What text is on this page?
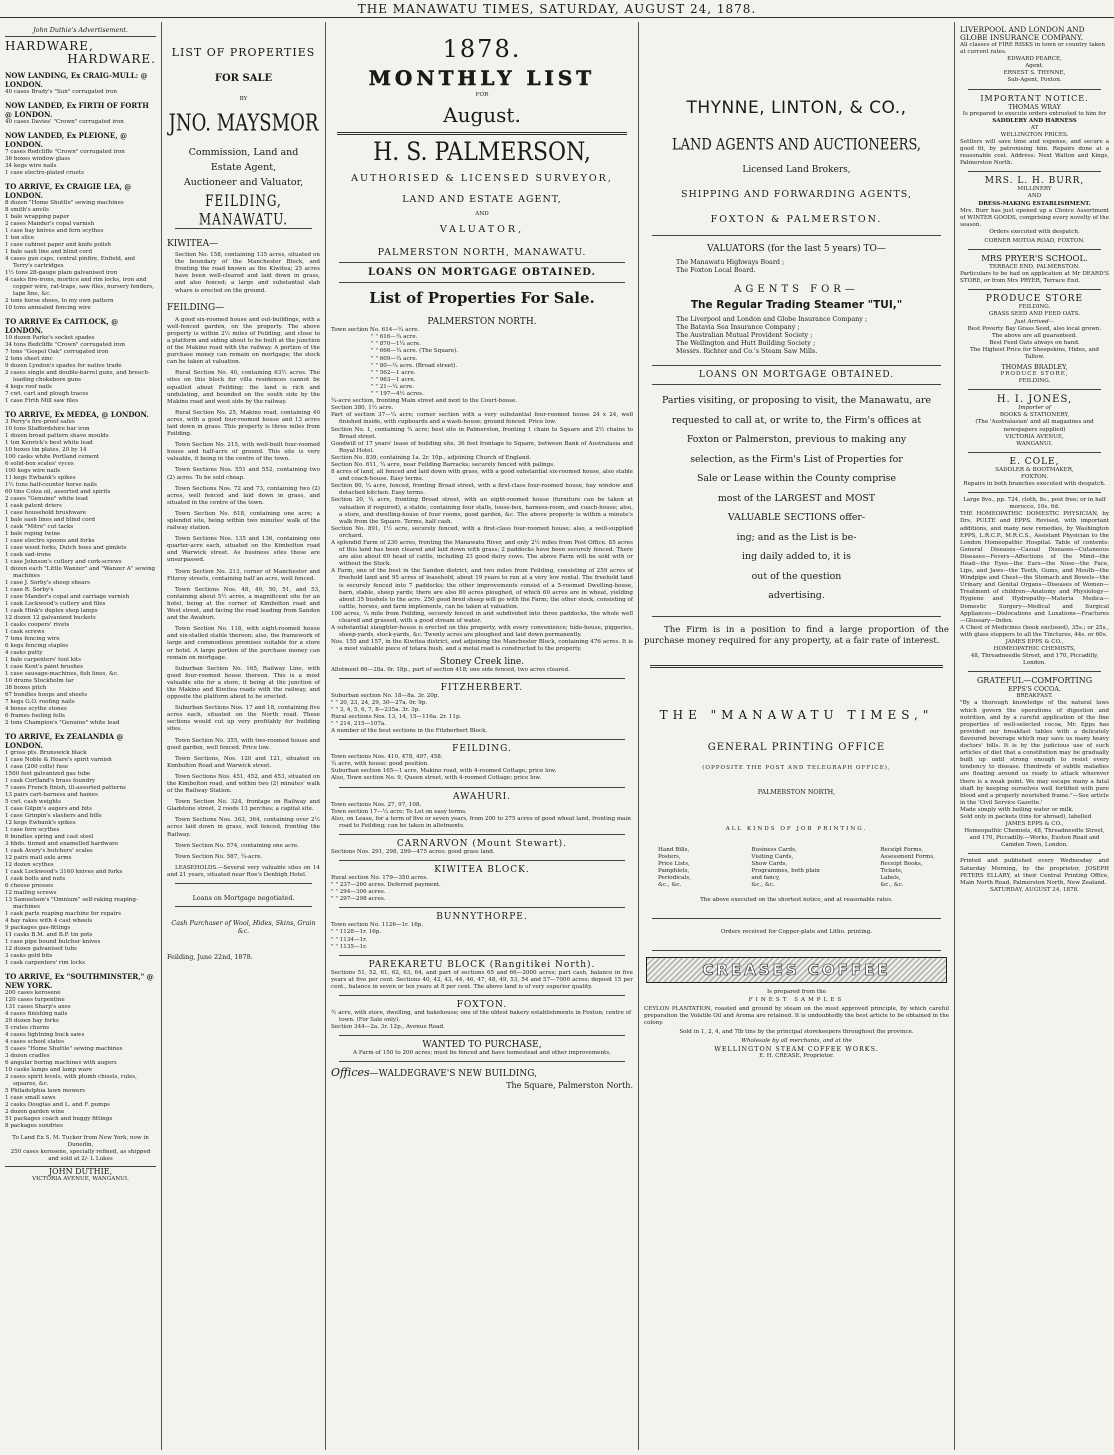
THE MANAWATU TIMES, SATURDAY, AUGUST 24, 1878.
John Duthie's Advertisement.
HARDWARE,
HARDWARE.
NOW LANDING, Ex CRAIG-MULL: @ LONDON.
40 cases Brady's "Sun" corrugated iron
NOW LANDED, Ex FIRTH OF FORTH @ LONDON.
40 cases Davies' "Crown" corrugated iron
NOW LANDED, Ex PLEIONE, @ LONDON.
7 cases Redcliffe "Crown" corrugated iron
36 boxes window glass
34 kegs wire nails
1 case electro-plated cruets
TO ARRIVE, Ex CRAIGIE LEA, @ LONDON.
8 dozen "Home Shuttle" sewing machines
8 smith's anvils
1 bale wrapping paper
2 cases Mander's copal varnish
1 case bay knives and fern scythes
1 ton slice
1 case cabinet paper and knife polish
1 bale sash line and blind cord
4 cases gun caps, central pinfire, Enfield, and Terry's cartridges
1½ tons 28-gauge plain galvanised iron
4 casks fire-irons, mortice and rim locks, iron and copper wire, rat-traps, saw files, nursery fenders, tape line, &c.
2 tons horse shoes, to my own pattern
10 tons annealed fencing wire
TO ARRIVE Ex CAITLOCK, @ LONDON.
10 dozen Parke's socket spades
34 tons Redcliffe "Crown" corrugated iron
7 tons "Gospel Oak" corrugated iron
2 tons sheet zinc
9 dozen Lyndon's spades for native trade
2 cases single and double-barrel guns, and breech-loading chokebore guns
4 kegs roof nails
7 cwt. cart and plough traces
1 case Firth Mill saw files
TO ARRIVE, Ex MEDEA, @ LONDON.
3 Perry's fire-proof safes
10 tons Staffordshire bar iron
1 dozen broad pattern shave moulds
1 ton Kenrick's best white lead
10 boxes tin plates, 20 by 14
100 casks white Portland cement
6 solid-box scales' vyces
100 kegs wire nails
11 kegs Ewbank's spikes
1½ tons half-counter horse nails
60 tins Colza oil, assorted and spirits
2 cases "Genuine" white lead
1 cask patent driers
1 case household brushware
1 bale sash lines and blind cord
1 cask "Mitre" cut tacks
1 bale roping twine
1 case electro spoons and forks
1 case weed forks, Dutch hoes and gimlets
1 cask sad-irons
1 case Johnson's cutlery and cork-screws
1 dozen each "Little Wanzer" and "Wanzer A" sewing machines
1 case J. Sorby's sheep shears
1 case R. Sorby's
1 case Mander's copal and carriage varnish
1 cask Lockwood's cutlery and files
1 cask Hink's duplex shop lamps
12 dozen 12 galvanized buckets
1 casks coopers' rivets
1 cask screws
7 tons fencing wire
6 kegs fencing staples
4 casks putty
1 bale carpenters' tool kits
1 case Kent's paint brushes
1 case sausage-machines, fish lines, &c.
10 drums Stockholm tar
38 boxes pitch
67 bundles hoops and sheets
7 kegs G.O. roofing nails
4 boxes scythe stones
6 frames fooling fells
2 tons Champion's "Genuine" white lead
TO ARRIVE, Ex ZEALANDIA @ LONDON.
1 gross pts. Brunswick black
1 case Noble & Hoare's spirit varnish
1 case (200 colls) fuse
1500 feet galvanized gas tube
1 cask Cortland's brass foundry
7 cases French finish, ill-assorted patterns
13 pairs cart-harness and hames
5 cwt. cash weights
1 case Gilpin's augers and bits
1 case Grinpin's slashers and bills
12 kegs Ewbank's spikes
1 case fern scythes
6 bundles spring and cast steel
3 hhds. tinned and enamelled hardware
1 cask Avery's butchers' scales
12 pairs mail axle arms
12 dozen scythes
1 cask Lockwood's 3160 knives and forks
1 cask bolts and nuts
6 cheese presses
12 mailing screws
13 Samuelson's "Omnium" self-raking reaping-machines
1 cask parts reaping machine for repairs
4 hay rakes with 4 cast wheels
9 packages gas-fittings
11 casks B.M. and B.P. tin pots
1 case pipe bound butcher knives
12 dozen galvanised tubs
3 casks gold bits
1 cask carpenters' rim locks
TO ARRIVE, Ex "SOUTHMINSTER," @ NEW YORK.
200 cases kerosene
120 cases turpentine
131 cases Sharp's axes
4 cases finishing nails
29 dozen hay forks
5 crates churns
4 cases lightning buck saws
4 cases school slates
5 cases "Home Shuttle" sewing machines
3 dozen cradles
6 angular boring machines with augers
10 casks lamps and lamp ware
2 cases spirit levels, with plumb chisels, rules, squares, &c.
5 Philadelphia lawn mowers
1 case small saws
2 casks Douglas and L. and F. pumps
2 dozen garden wine
51 packages coach and buggy fittings
8 packages sundries
To Land Ex S. M. Tucker from New York, now in Dunedin,
250 cases kerosene, specially refined, as shipped and sold at 2/- L Lukes
JOHN DUTHIE,
VICTORIA AVENUE, WANGANUI.
LIST OF PROPERTIES
FOR SALE
BY
JNO. MAYSMOR
Commission, Land and
Estate Agent,
Auctioneer and Valuator,
FEILDING, MANAWATU.
KIWITEA—

Section No. 158, containing 135 acres, situated on the boundary of the Manchester Block, and fronting the road known as the Kiwitea; 25 acres have been well-cleared and laid down in grass, and also fenced; a large and substantial slab whare is erected on the ground.

FEILDING—

A good six-roomed house and out-buildings, with a well-fenced garden, on the property. The above property is within 2½ miles of Feilding, and close to a platform and siding about to be built at the junction of the Makino road with the railway. A portion of the purchase money can remain on mortgage; the stock can be taken at valuation.

Rural Section No. 40, containing 63½ acres. The sites on this block for villa residences cannot be equalled about Feilding; the land is rich and undulating, and bounded on the south side by the Makino road and west side by the railway.

Rural Section No. 25, Makino road, containing 40 acres, with a good four-roomed house and 13 acres laid down in grass. This property is three miles from Feilding.

Town Section No. 215, with well-built four-roomed house and half-acre of ground. This site is very valuable, it being in the centre of the town.

Town Sections Nos. 551 and 552, containing two (2) acres. To be sold cheap.

Town Sections Nos. 72 and 73, containing two (2) acres, well fenced and laid down in grass, and situated in the centre of the town.

Town Section No. 618, containing one acre; a splendid site, being within two minutes' walk of the railway station.

Town Sections Nos. 135 and 136, containing one quarter-acre each, situated on the Kimbolton road and Warwick street. As business sites these are unsurpassed.

Town Section No. 213, corner of Manchester and Fitzroy streets, containing half an acre, well fenced.

Town Sections Nos. 48, 49, 50, 51, and 53, containing about 5½ acres, a magnificent site for an hotel, being at the corner of Kimbolton road and West street, and facing the road leading from Sandon and the Awahuri.

Town Section No. 118, with eight-roomed house and six-stalled stable thereon; also, the framework of large and commodious premises suitable for a store or hotel. A large portion of the purchase money can remain on mortgage.

Suburban Section No. 165, Railway Line, with good four-roomed house thereon. This is a most valuable site for a store, it being at the junction of the Makino and Kiwitea roads with the railway, and opposite the platform about to be erected.

Suburban Sections Nos. 17 and 18, containing five acres each, situated on the North road. These sections would cut up very profitably for building sites.

Town Section No. 355, with two-roomed house and good garden, well fenced. Price low.

Town Sections, Nos. 120 and 121, situated on Kimbolton Road and Warwick street.

Town Sections Nos. 451, 452, and 453, situated on the Kimbolton road, and within two (2) minutes' walk of the Railway Station.

Town Section No. 324, frontage on Railway and Gladstone street, 2 roods 13 perches; a capital site.

Town Sections Nos. 363, 364, containing over 2½ acres laid down in grass, well fenced, fronting the Railway.

Town Section No. 574, containing one acre.

Town Section No. 587, ¼-acre.

LEASEHOLDS.—Several very valuable sites on 14 and 21 years, situated near Roe's Denbigh Hotel.

Loans on Mortgage negotiated.
Cash Purchaser of Wool, Hides, Skins, Grain &c.
Feilding, June 22nd, 1878.
1878.
MONTHLY LIST
FOR
August.
H. S. PALMERSON,
AUTHORISED & LICENSED SURVEYOR,
LAND AND ESTATE AGENT,
AND
VALUATOR,
PALMERSTON NORTH, MANAWATU.
LOANS ON MORTGAGE OBTAINED.
List of Properties For Sale.
PALMERSTON NORTH.
Town section No. 614—¼ acre.
" " 616—¼ acre.
" " 870—1¼ acre.
" " 666—¼ acre. (The Square).
" " 609—¼ acre.
" " 80—¼ acre. (Broad street).
" " 562—1 acre.
" " 963—1 acre.
" " 21—¼ acre.
" " 197—4½ acres.

¼-acre section, fronting Main street and next to the Court-house.

Section 380, 1½ acre.

Part of section 37—¼ acre; corner section with a very substantial four-roomed house 24 x 24, well finished inside, with cupboards and a wash-house; ground fenced. Price low.

Section No. 1, containing ¼ acre; best site in Palmerston, fronting 1 chain to Square and 2½ chains to Broad street.

Goodwill of 17 years' lease of building site, 36 feet frontage to Square, between Bank of Australasia and Royal Hotel.

Section No. 839, containing 1a. 2r. 10p., adjoining Church of England.

Section No. 611, ¼ acre, near Feilding Barracks; securely fenced with palings.

8 acres of land, all fenced and laid down with grass, with a good substantial six-roomed house, also stable and coach-house. Easy terms.

Section 80, ¼ acre, fenced, fronting Broad street, with a first-class four-roomed house, bay window and detached kitchen. Easy terms.

Section 20, ¼ acre, fronting Broad street, with an eight-roomed house (furniture can be taken at valuation if required), a stable, containing four stalls, loose-box, harness-room, and coach-house; also, a store, and dwelling-house of four rooms, good garden, &c. The above property is within a minute's walk from the Square. Terms, half cash.

Section No. 891, 1½ acre, securely fenced, with a first-class four-roomed house; also, a well-supplied orchard.

A splendid Farm of 230 acres, fronting the Manawatu River, and only 2½ miles from Post Office. 85 acres of this land has been cleared and laid down with grass; 2 paddocks have been securely fenced. There are also about 60 head of cattle, including 23 good dairy cows. The above Farm will be sold with or without the Stock.

A Farm, one of the best in the Sandon district, and two miles from Feilding, consisting of 259 acres of freehold land and 95 acres of leasehold, about 19 years to run at a very low rental. The freehold land is securely fenced into 7 paddocks; the other improvements consist of a 5-roomed Dwelling-house, barn, stable, sheep yards; there are also 80 acres ploughed, of which 60 acres are in wheat, yielding about 35 bushels to the acre. 250 good bred sheep will go with the Farm; the other stock, consisting of cattle, horses, and farm implements, can be taken at valuation.

100 acres, ¼ mile from Feilding, securely fenced in and subdivided into three paddocks, the whole well cleared and grassed, with a good stream of water.

A substantial slaughter-house is erected on this property, with every convenience; hide-house, piggeries, sheep-yards, stock-yards, &c. Twenty acres are ploughed and laid down permanently.

Nos. 155 and 157, in the Kiwitea district, and adjoining the Manchester Block, containing 476 acres. It is a most valuable piece of totara bush, and a metal road is constructed to the property.

Stoney Creek line.

Allotment 66—28a. 0r. 18p., part of section 418; one side fenced, two acres cleared.

FITZHERBERT.
Suburban section No. 18—8a. 3r. 20p.
" " 20, 23, 24, 29, 30—27a. 0r. 9p.
" " 3, 4, 5, 6, 7, 8—235a. 3r. 3p.
Rural sections Nos. 13, 14, 15—116a. 2r. 11p.
" " 214, 215—107a.
A number of the best sections in the Fitzherbert Block.
FEILDING.
Town sections Nos. 410, 478, 497, 458.
¼ acre, with house; good position.
Suburban section 165—1 acre, Makino road, with 4-roomed Cottage; price low.
Also, Town section No. 9, Queen street, with 4-roomed Cottage; price low.
AWAHURI.
Town sections Nos. 27, 97, 108.
Town section 17—¼ acre; To Let on easy terms.
Also, on Lease, for a term of five or seven years, from 200 to 275 acres of good wheat land, fronting main road to Feilding; can be taken in allotments.
CARNARVON (Mount Stewart).
Sections Nos. 291, 298, 299—475 acres; good grass land.
KIWITEA BLOCK.
Rural section No. 179—350 acres.
" " 237—260 acres. Deferred payment.
" " 294—306 acres.
" " 297—298 acres.
BUNNYTHORPE.
Town section No. 1126—1r. 16p.
" " 1128—1r. 16p.
" " 1134—1r.
" " 1135—1r.
PAREKARETU BLOCK (Rangitikei North).

Sections 51, 52, 61, 62, 63, 64, and part of sections 65 and 66—2000 acres; part cash, balance in five years at five per cent. Sections 40, 42, 43, 44, 46, 47, 48, 49, 53, 54 and 57—7000 acres; deposit 15 per cent., balance in seven or ten years at 8 per cent. The above land is of very superior quality.

FOXTON.
½ acre, with store, dwelling, and bakehouse; one of the oldest bakery establishments in Foxton; centre of town. (For Sale only).
Section 344—2a. 3r. 12p., Avenue Road.
WANTED TO PURCHASE,

A Farm of 150 to 200 acres; must be fenced and have homestead and other improvements.

Offices—WALDEGRAVE'S NEW BUILDING,
The Square, Palmerston North.
THYNNE, LINTON, & CO.,
LAND AGENTS AND AUCTIONEERS,
Licensed Land Brokers,
SHIPPING AND FORWARDING AGENTS,
FOXTON & PALMERSTON.
VALUATORS (for the last 5 years) TO—
The Manawatu Highways Board ;
The Foxton Local Board.
AGENTS FOR—
The Regular Trading Steamer "TUI,"
The Liverpool and London and Globe Insurance Company ;
The Batavia Sea Insurance Company ;
The Australian Mutual Provident Society ;
The Wellington and Hutt Building Society ;
Messrs. Richter and Co.'s Steam Saw Mills.
LOANS ON MORTGAGE OBTAINED.
Parties visiting, or proposing to visit, the Manawatu, are
requested to call at, or write to, the Firm's offices at
Foxton or Palmerston, previous to making any
selection, as the Firm's List of Properties for
Sale or Lease within the County comprise
most of the LARGEST and MOST
VALUABLE SECTIONS offer-
ing; and as the List is be-
ing daily added to, it is
out of the question
advertising.

The Firm is in a position to find a large proportion of the purchase money required for any property, at a fair rate of interest.

THE "MANAWATU TIMES,"
GENERAL PRINTING OFFICE
(OPPOSITE THE POST AND TELEGRAPH OFFICE),
PALMERSTON NORTH,
ALL KINDS OF JOB PRINTING.
Hand Bills,
Posters,
Price Lists,
Pamphlets,
Periodicals,
&c., &c.
Business Cards,
Visiting Cards,
Show Cards,
Programmes, both plain
and fancy,
&c., &c.
Receipt Forms,
Assessment Forms,
Receipt Books,
Tickets,
Labels,
&c., &c.
The above executed on the shortest notice, and at reasonable rates.
Orders received for Copper-plate and Litho. printing.
CREASES COFFEE
Is prepared from the
FINEST SAMPLES

CEYLON PLANTATION, roasted and ground by steam on the most approved principle, by which careful preparation the Volatile Oil and Aroma are retained. It is undoubtedly the best article to be obtained in the colony.

Sold in 1, 2, 4, and 7lb tins by the principal storekeepers throughout the province.
Wholesale by all merchants, and at the
WELLINGTON STEAM COFFEE WORKS.
E. H. CREASE, Proprietor.
LIVERPOOL AND LONDON AND GLOBE INSURANCE COMPANY.

All classes of FIRE RISKS in town or country taken at current rates.

EDWARD PEARCE,
Agent.
ERNEST S. THYNNE,
Sub-Agent, Foxton.
IMPORTANT NOTICE.
THOMAS WRAY
Is prepared to execute orders entrusted to him for
SADDLERY AND HARNESS
AT
WELLINGTON PRICES.

Settlers will save time and expense, and secure a good fit, by patronising him. Repairs done at a reasonable cost. Address: Next Walton and Kings, Palmerston North.

MRS. L. H. BURR,
MILLINERY
AND
DRESS-MAKING ESTABLISHMENT.

Mrs. Burr has just opened up a Choice Assortment of WINTER GOODS, comprising every novelty of the season.

Orders executed with despatch.
CORNER MOTOA ROAD, FOXTON.
MRS PRYER'S SCHOOL.
TERRACE END, PALMERSTON.

Particulars to be had on application at Mr DEARD'S STORE, or from Mrs PRYER, Terrace End.

PRODUCE STORE
FEILDING.
GRASS SEED AND FEED OATS.
Just Arrived—
Best Poverty Bay Grass Seed, also local grown.
The above are all guaranteed.
Best Feed Oats always on hand.
The Highest Price for Sheepskins, Hides, and Tallow.
THOMAS BRADLEY,
PRODUCE STORE,
FEILDING.
H. I. JONES,
Importer of
BOOKS & STATIONERY,
(The 'Australasian' and all magazines and newspapers supplied)
VICTORIA AVENUE,
WANGANUI.
E. COLE,
SADDLER & BOOTMAKER,
FOXTON.
Repairs in both branches executed with despatch.
Large 8vo., pp. 724, cloth, 8s., post free; or in half morocco, 10s. 6d.

THE HOMEOPATHIC DOMESTIC PHYSICIAN, by Drs. PULTE and EPPS. Revised, with important additions, and many new remedies, by Washington EPPS, L.R.C.P., M.R.C.S., Assistant Physician to the London Homeopathic Hospital. Table of contents: General Diseases—Casual Diseases—Cutaneous Diseases—Fevers—Affections of the Mind—the Head—the Eyes—the Ears—the Nose—the Face, Lips, and Jaws—the Teeth, Gums, and Mouth—the Windpipe and Chest—the Stomach and Bowels—the Urinary and Genital Organs—Diseases of Women—Treatment of children—Anatomy and Physiology—Hygiene and Hydropathy—Materia Medica—Domestic Surgery—Medical and Surgical Appliances—Dislocations and Luxations—Fractures—Glossary—Index.

A Chest of Medicines (book enclosed), 35s.; or 25s., with glass stoppers to all the Tinctures, 44s. or 60s.

JAMES EPPS & CO.,
HOMEOPATHIC CHEMISTS,
48, Threadneedle Street, and 170, Piccadilly, London.
GRATEFUL—COMFORTING
EPPS'S COCOA.
BREAKFAST.

"By a thorough knowledge of the natural laws which govern the operations of digestion and nutrition, and by a careful application of the fine properties of well-selected cocoa, Mr. Epps has provided our breakfast tables with a delicately flavoured beverage which may save us many heavy doctors' bills. It is by the judicious use of such articles of diet that a constitution may be gradually built up until strong enough to resist every tendency to disease. Hundreds of subtle maladies are floating around us ready to attack wherever there is a weak point. We may escape many a fatal shaft by keeping ourselves well fortified with pure blood and a properly nourished frame."—See article in the 'Civil Service Gazette.'

Made simply with boiling water or milk.
Sold only in packets (tins for abroad), labelled
JAMES EPPS & CO.,
Homeopathic Chemists, 48, Threadneedle Street, and 170, Piccadilly.—Works, Euston Road and Camden Town, London.

Printed and published every Wednesday and Saturday Morning, by the proprietor, JOSEPH PETERS ELLARY, at their Central Printing Office, Main North Road, Palmerston North, New Zealand.

SATURDAY, AUGUST 24, 1878.
